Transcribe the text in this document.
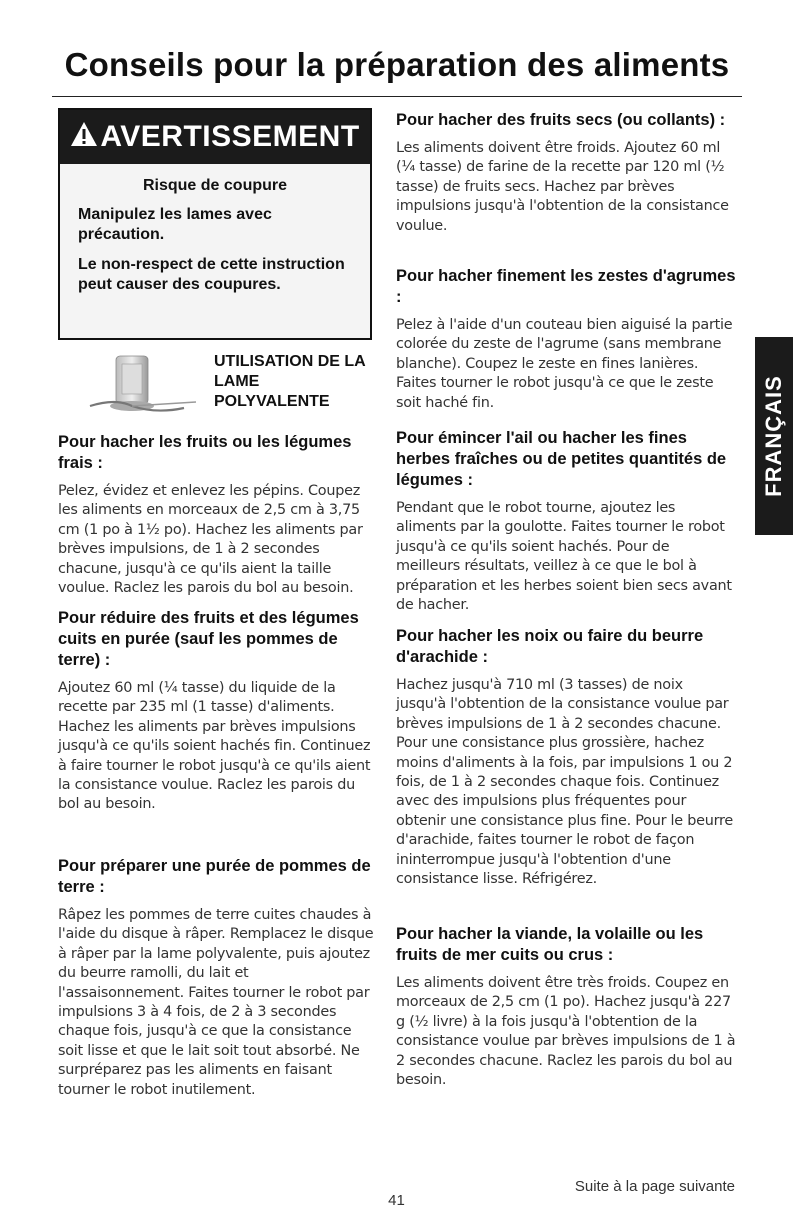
Conseils pour la préparation des aliments
AVERTISSEMENT
Risque de coupure
Manipulez les lames avec précaution.
Le non-respect de cette instruction peut causer des coupures.
UTILISATION DE LA LAME POLYVALENTE
Pour hacher les fruits ou les légumes frais :

Pelez, évidez et enlevez les pépins. Coupez les aliments en morceaux de 2,5 cm à 3,75 cm (1 po à 1½ po). Hachez les aliments par brèves impulsions, de 1 à 2 secondes chacune, jusqu'à ce qu'ils aient la taille voulue. Raclez les parois du bol au besoin.

Pour réduire des fruits et des légumes cuits en purée (sauf les pommes de terre) :

Ajoutez 60 ml (¼ tasse) du liquide de la recette par 235 ml (1 tasse) d'aliments. Hachez les aliments par brèves impulsions jusqu'à ce qu'ils soient hachés fin. Continuez à faire tourner le robot jusqu'à ce qu'ils aient la consistance voulue. Raclez les parois du bol au besoin.

Pour préparer une purée de pommes de terre :

Râpez les pommes de terre cuites chaudes à l'aide du disque à râper. Remplacez le disque à râper par la lame polyvalente, puis ajoutez du beurre ramolli, du lait et l'assaisonnement. Faites tourner le robot par impulsions 3 à 4 fois, de 2 à 3 secondes chaque fois, jusqu'à ce que la consistance soit lisse et que le lait soit tout absorbé. Ne surpréparez pas les aliments en faisant tourner le robot inutilement.

Pour hacher des fruits secs (ou collants) :

Les aliments doivent être froids. Ajoutez 60 ml (¼ tasse) de farine de la recette par 120 ml (½ tasse) de fruits secs. Hachez par brèves impulsions jusqu'à l'obtention de la consistance voulue.

Pour hacher finement les zestes d'agrumes :

Pelez à l'aide d'un couteau bien aiguisé la partie colorée du zeste de l'agrume (sans membrane blanche). Coupez le zeste en fines lanières. Faites tourner le robot jusqu'à ce que le zeste soit haché fin.

Pour émincer l'ail ou hacher les fines herbes fraîches ou de petites quantités de légumes :

Pendant que le robot tourne, ajoutez les aliments par la goulotte. Faites tourner le robot jusqu'à ce qu'ils soient hachés. Pour de meilleurs résultats, veillez à ce que le bol à préparation et les herbes soient bien secs avant de hacher.

Pour hacher les noix ou faire du beurre d'arachide :

Hachez jusqu'à 710 ml (3 tasses) de noix jusqu'à l'obtention de la consistance voulue par brèves impulsions de 1 à 2 secondes chacune. Pour une consistance plus grossière, hachez moins d'aliments à la fois, par impulsions 1 ou 2 fois, de 1 à 2 secondes chaque fois. Continuez avec des impulsions plus fréquentes pour obtenir une consistance plus fine. Pour le beurre d'arachide, faites tourner le robot de façon ininterrompue jusqu'à l'obtention d'une consistance lisse. Réfrigérez.

Pour hacher la viande, la volaille ou les fruits de mer cuits ou crus :

Les aliments doivent être très froids. Coupez en morceaux de 2,5 cm (1 po). Hachez jusqu'à 227 g (½ livre) à la fois jusqu'à l'obtention de la consistance voulue par brèves impulsions de 1 à 2 secondes chacune. Raclez les parois du bol au besoin.

FRANÇAIS
Suite à la page suivante
41
